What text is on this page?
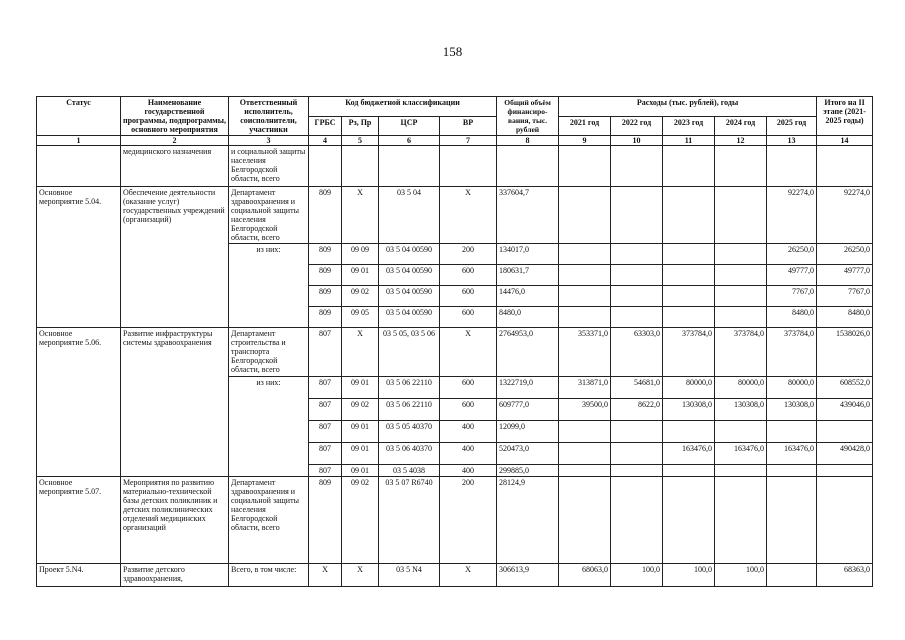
158
Статус	Наименование государственной программы, подпрограммы, основного мероприятия	Ответственный исполнитель, соисполнители, участники	Код бюджетной классификации				Общий объём финансиро-вания, тыс. рублей	Расходы (тыс. рублей), годы					Итого на II этапе (2021-2025 годы)
			ГРБС	Рз, Пр	ЦСР	ВР		2021 год	2022 год	2023 год	2024 год	2025 год	
1	2	3	4	5	6	7	8	9	10	11	12	13	14
	медицинского назначения	и социальной защиты населения Белгородской области, всего											
Основное мероприятие 5.04.	Обеспечение деятельности (оказание услуг) государственных учреждений (организаций)	Департамент здравоохранения и социальной защиты населения Белгородской области, всего	809	Х	03 5 04	Х	337604,7					92274,0	92274,0
		из них:	809	09 09	03 5 04 00590	200	134017,0					26250,0	26250,0
			809	09 01	03 5 04 00590	600	180631,7					49777,0	49777,0
			809	09 02	03 5 04 00590	600	14476,0					7767,0	7767,0
			809	09 05	03 5 04 00590	600	8480,0					8480,0	8480,0
Основное мероприятие 5.06.	Развитие инфраструктуры системы здравоохранения	Департамент строительства и транспорта Белгородской области, всего	807	Х	03 5 05, 03 5 06	Х	2764953,0	353371,0	63303,0	373784,0	373784,0	373784,0	1538026,0
		из них:	807	09 01	03 5 06 22110	600	1322719,0	313871,0	54681,0	80000,0	80000,0	80000,0	608552,0
			807	09 02	03 5 06 22110	600	609777,0	39500,0	8622,0	130308,0	130308,0	130308,0	439046,0
			807	09 01	03 5 05 40370	400	12099,0						
			807	09 01	03 5 06 40370	400	520473,0			163476,0	163476,0	163476,0	490428,0
			807	09 01	03 5 4038	400	299885,0						
Основное мероприятие 5.07.	Мероприятия по развитию материально-технической базы детских поликлиник и детских поликлинических отделений медицинских организаций	Департамент здравоохранения и социальной защиты населения Белгородской области, всего	809	09 02	03 5 07 R6740	200	28124,9						
Проект 5.N4.	Развитие детского здравоохранения,	Всего, в том числе:	Х	Х	03 5 N4	Х	306613,9	68063,0	100,0	100,0	100,0		68363,0
